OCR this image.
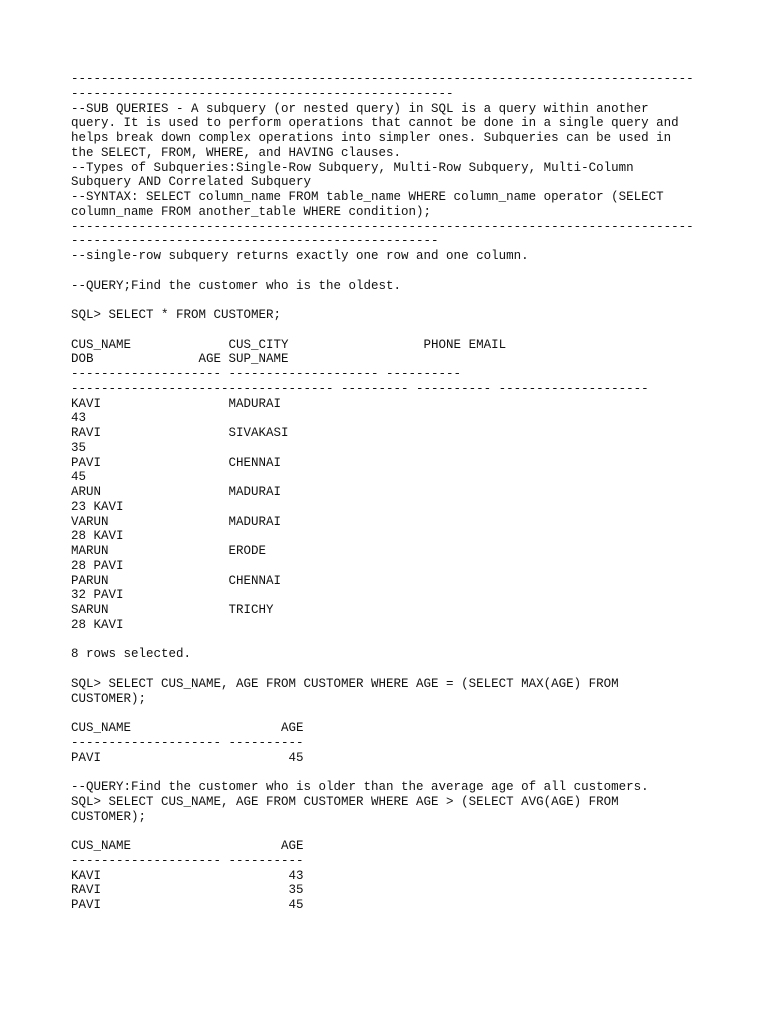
-----------------------------------------------------------------------------------
---------------------------------------------------
--SUB QUERIES - A subquery (or nested query) in SQL is a query within another
query. It is used to perform operations that cannot be done in a single query and
helps break down complex operations into simpler ones. Subqueries can be used in
the SELECT, FROM, WHERE, and HAVING clauses.
--Types of Subqueries:Single-Row Subquery, Multi-Row Subquery, Multi-Column
Subquery AND Correlated Subquery
--SYNTAX: SELECT column_name FROM table_name WHERE column_name operator (SELECT
column_name FROM another_table WHERE condition);
-----------------------------------------------------------------------------------
-------------------------------------------------
--single-row subquery returns exactly one row and one column.
--QUERY;Find the customer who is the oldest.
SQL> SELECT * FROM CUSTOMER;
CUS_NAME             CUS_CITY                  PHONE EMAIL
DOB              AGE SUP_NAME
-------------------- -------------------- ----------
----------------------------------- --------- ---------- --------------------
KAVI                 MADURAI
43
RAVI                 SIVAKASI
35
PAVI                 CHENNAI
45
ARUN                 MADURAI
23 KAVI
VARUN                MADURAI
28 KAVI
MARUN                ERODE
28 PAVI
PARUN                CHENNAI
32 PAVI
SARUN                TRICHY
28 KAVI
8 rows selected.
SQL> SELECT CUS_NAME, AGE FROM CUSTOMER WHERE AGE = (SELECT MAX(AGE) FROM
CUSTOMER);
CUS_NAME                    AGE
-------------------- ----------
PAVI                         45
--QUERY:Find the customer who is older than the average age of all customers.
SQL> SELECT CUS_NAME, AGE FROM CUSTOMER WHERE AGE > (SELECT AVG(AGE) FROM
CUSTOMER);
CUS_NAME                    AGE
-------------------- ----------
KAVI                         43
RAVI                         35
PAVI                         45
